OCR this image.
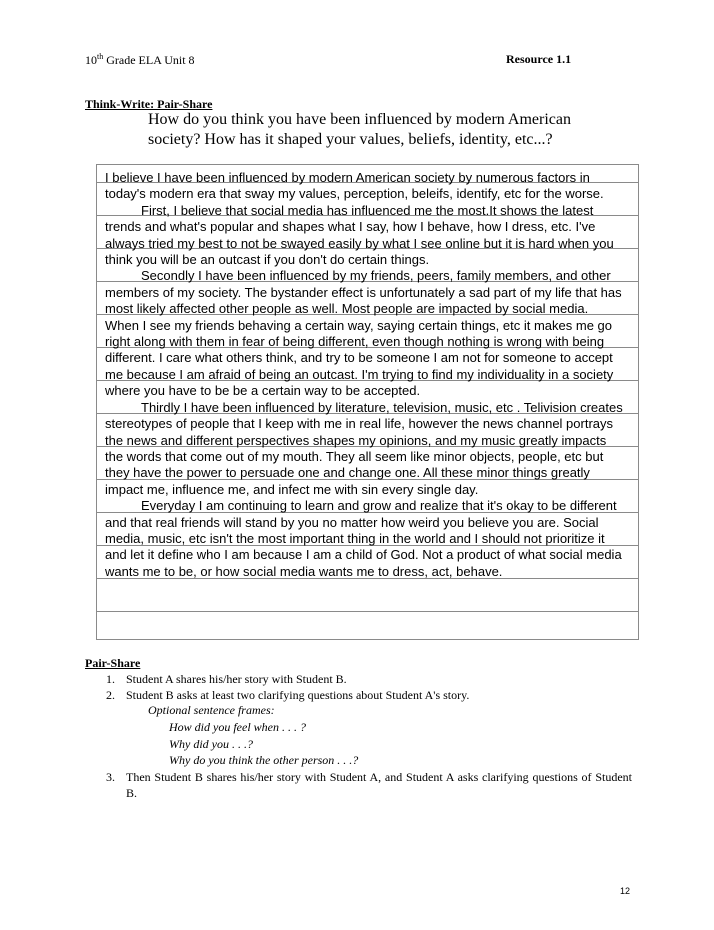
10th Grade ELA Unit 8	Resource 1.1
Think-Write: Pair-Share
How do you think you have been influenced by modern American society? How has it shaped your values, beliefs, identity, etc...?

I believe I have been influenced by modern American society by numerous factors in today's modern era that sway my values, perception, beleifs, identify, etc for the worse.

First, I believe that social media has influenced me the most.It shows the latest trends and what's popular and shapes what I say, how I behave, how I dress, etc. I've always tried my best to not be swayed easily by what I see online but it is hard when you think you will be an outcast if you don't do certain things.

Secondly I have been influenced by my friends, peers, family members, and other members of my society. The bystander effect is unfortunately a sad part of my life that has most likely affected other people as well. Most people are impacted by social media. When I see my friends behaving a certain way, saying certain things, etc it makes me go right along with them in fear of being different, even though nothing is wrong with being different. I care what others think, and try to be someone I am not for someone to accept me because I am afraid of being an outcast. I'm trying to find my individuality in a society where you have to be be a certain way to be accepted.

Thirdly I have been influenced by literature, television, music, etc . Telivision creates stereotypes of people that I keep with me in real life, however the news channel portrays the news and different perspectives shapes my opinions, and my music greatly impacts the words that come out of my mouth. They all seem like minor objects, people, etc but they have the power to persuade one and change one. All these minor things greatly impact me, influence me, and infect me with sin every single day.

Everyday I am continuing to learn and grow and realize that it's okay to be different and that real friends will stand by you no matter how weird you believe you are. Social media, music, etc isn't the most important thing in the world and I should not prioritize it and let it define who I am because I am a child of God. Not a product of what social media wants me to be, or how social media wants me to dress, act, behave.

Pair-Share
1. Student A shares his/her story with Student B.
2. Student B asks at least two clarifying questions about Student A's story.
Optional sentence frames:
How did you feel when . . . ?
Why did you . . .?
Why do you think the other person . . .?
3. Then Student B shares his/her story with Student A, and Student A asks clarifying questions of Student B.
12
